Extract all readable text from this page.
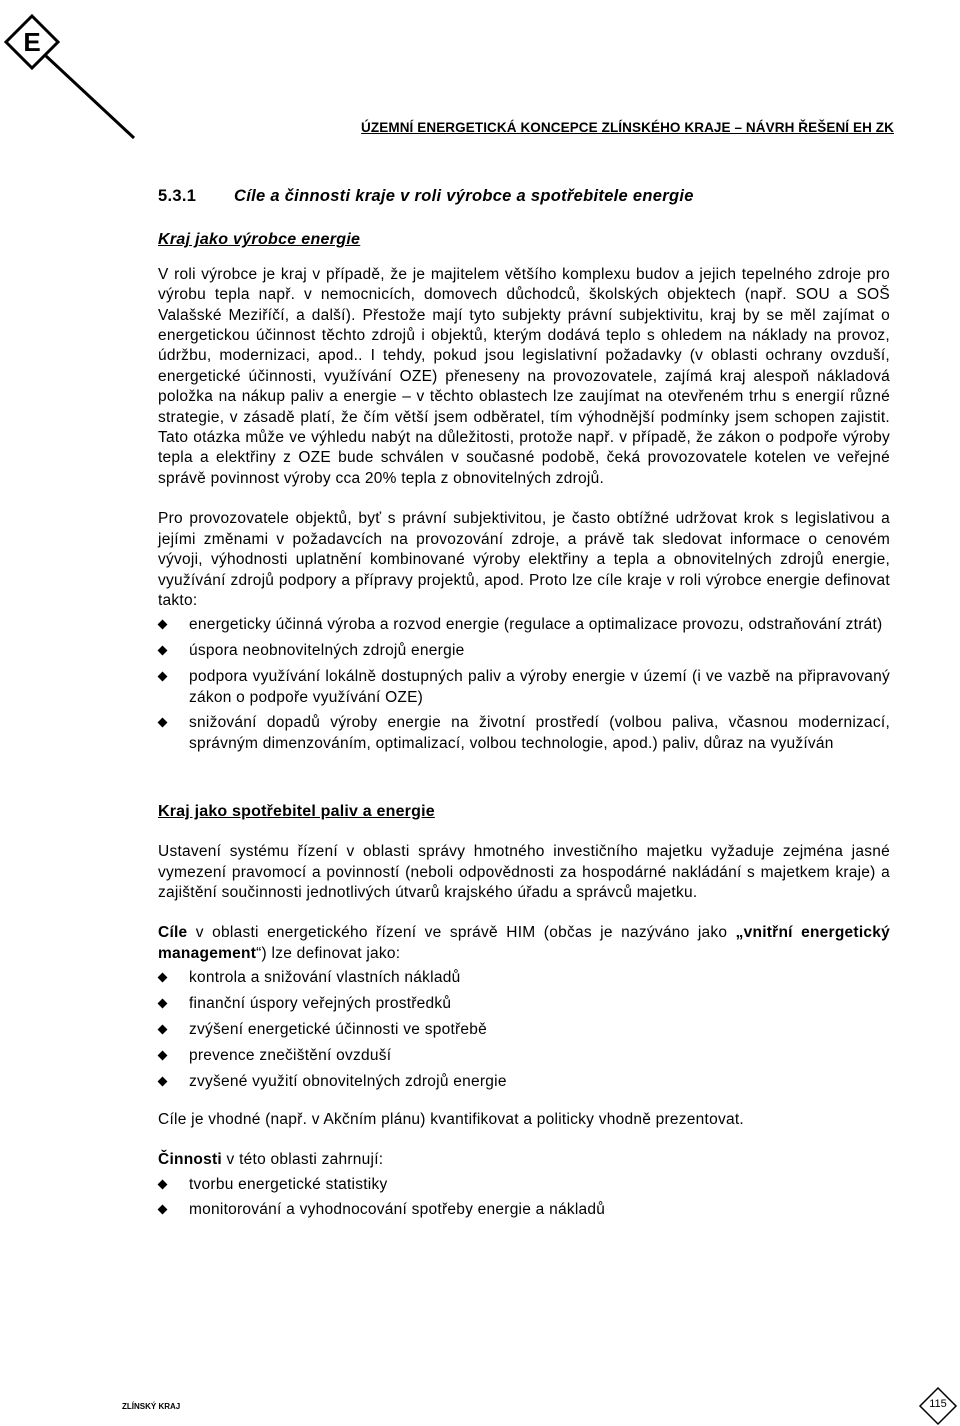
E
ÚZEMNÍ ENERGETICKÁ KONCEPCE ZLÍNSKÉHO KRAJE – NÁVRH ŘEŠENÍ EH ZK
5.3.1 Cíle a činnosti kraje v roli výrobce a spotřebitele energie
Kraj jako výrobce energie

V roli výrobce je kraj v případě, že je majitelem většího komplexu budov a jejich tepelného zdroje pro výrobu tepla např. v nemocnicích, domovech důchodců, školských objektech (např. SOU a SOŠ Valašské Meziříčí, a další). Přestože mají tyto subjekty právní subjektivitu, kraj by se měl zajímat o energetickou účinnost těchto zdrojů i objektů, kterým dodává teplo s ohledem na náklady na provoz, údržbu, modernizaci, apod.. I tehdy, pokud jsou legislativní požadavky (v oblasti ochrany ovzduší, energetické účinnosti, využívání OZE) přeneseny na provozovatele, zajímá kraj alespoň nákladová položka na nákup paliv a energie – v těchto oblastech lze zaujímat na otevřeném trhu s energií různé strategie, v zásadě platí, že čím větší jsem odběratel, tím výhodnější podmínky jsem schopen zajistit. Tato otázka může ve výhledu nabýt na důležitosti, protože např. v případě, že zákon o podpoře výroby tepla a elektřiny z OZE bude schválen v současné podobě, čeká provozovatele kotelen ve veřejné správě povinnost výroby cca 20% tepla z obnovitelných zdrojů.

Pro provozovatele objektů, byť s právní subjektivitou, je často obtížné udržovat krok s legislativou a jejími změnami v požadavcích na provozování zdroje, a právě tak sledovat informace o cenovém vývoji, výhodnosti uplatnění kombinované výroby elektřiny a tepla a obnovitelných zdrojů energie, využívání zdrojů podpory a přípravy projektů, apod. Proto lze cíle kraje v roli výrobce energie definovat takto:

energeticky účinná výroba a rozvod energie (regulace a optimalizace provozu, odstraňování ztrát)
úspora neobnovitelných zdrojů energie
podpora využívání lokálně dostupných paliv a výroby energie v území (i ve vazbě na připravovaný zákon o podpoře využívání OZE)
snižování dopadů výroby energie na životní prostředí (volbou paliva, včasnou modernizací, správným dimenzováním, optimalizací, volbou technologie, apod.) paliv, důraz na využíván
Kraj jako spotřebitel paliv a energie

Ustavení systému řízení v oblasti správy hmotného investičního majetku vyžaduje zejména jasné vymezení pravomocí a povinností (neboli odpovědnosti za hospodárné nakládání s majetkem kraje) a zajištění součinnosti jednotlivých útvarů krajského úřadu a správců majetku.

Cíle v oblasti energetického řízení ve správě HIM (občas je nazýváno jako „vnitřní energetický management“) lze definovat jako:

kontrola a snižování vlastních nákladů
finanční úspory veřejných prostředků
zvýšení energetické účinnosti ve spotřebě
prevence znečištění ovzduší
zvyšené využití obnovitelných zdrojů energie

Cíle je vhodné (např. v Akčním plánu) kvantifikovat a politicky vhodně prezentovat.

Činnosti v této oblasti zahrnují:

tvorbu energetické statistiky
monitorování a vyhodnocování spotřeby energie a nákladů
ZLÍNSKÝ KRAJ	115
